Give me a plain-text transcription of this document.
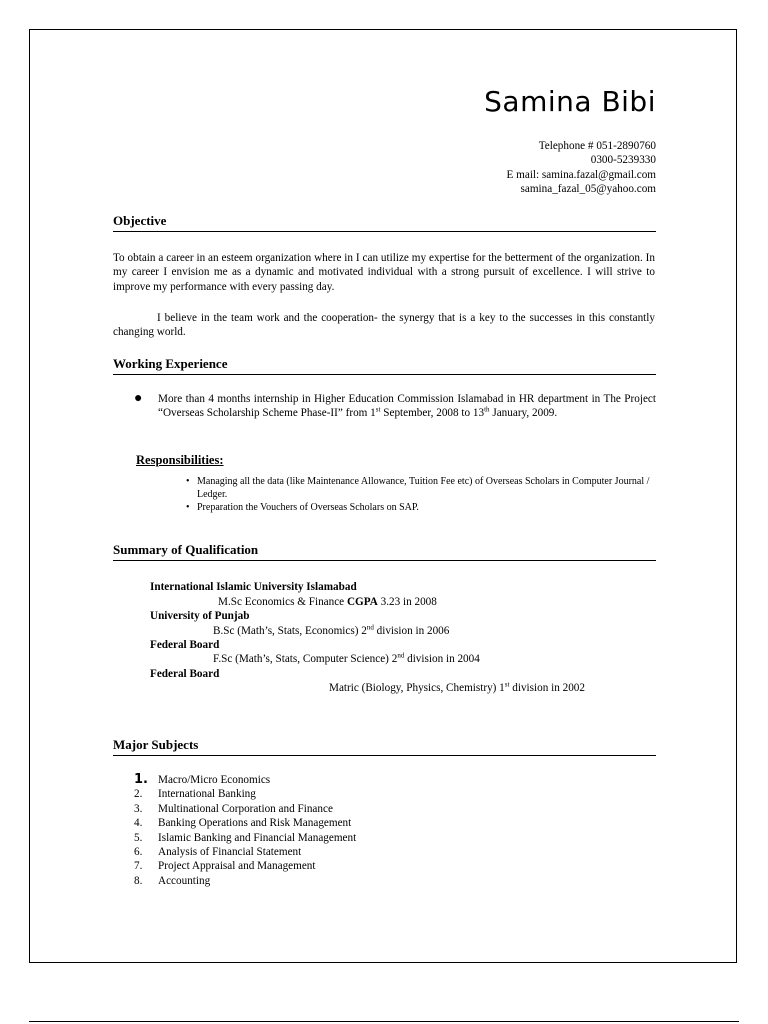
Samina Bibi
Telephone # 051-2890760
0300-5239330
E mail: samina.fazal@gmail.com
samina_fazal_05@yahoo.com
Objective

To obtain a career in an esteem organization where in I can utilize my expertise for the betterment of the organization. In my career I envision me as a dynamic and motivated individual with a strong pursuit of excellence. I will strive to improve my performance with every passing day.

I believe in the team work and the cooperation- the synergy that is a key to the successes in this constantly changing world.

Working Experience
● More than 4 months internship in Higher Education Commission Islamabad in HR department in The Project “Overseas Scholarship Scheme Phase-II” from 1st September, 2008 to 13th January, 2009.
Responsibilities:
• Managing all the data (like Maintenance Allowance, Tuition Fee etc) of Overseas Scholars in Computer Journal / Ledger.
• Preparation the Vouchers of Overseas Scholars on SAP.
Summary of Qualification

International Islamic University Islamabad

M.Sc Economics & Finance CGPA 3.23 in 2008

University of Punjab

B.Sc (Math’s, Stats, Economics) 2nd division in 2006

Federal Board

F.Sc (Math’s, Stats, Computer Science) 2nd division in 2004

Federal Board

Matric (Biology, Physics, Chemistry) 1st division in 2002

Major Subjects
1. Macro/Micro Economics
2. International Banking
3. Multinational Corporation and Finance
4. Banking Operations and Risk Management
5. Islamic Banking and Financial Management
6. Analysis of Financial Statement
7. Project Appraisal and Management
8. Accounting
